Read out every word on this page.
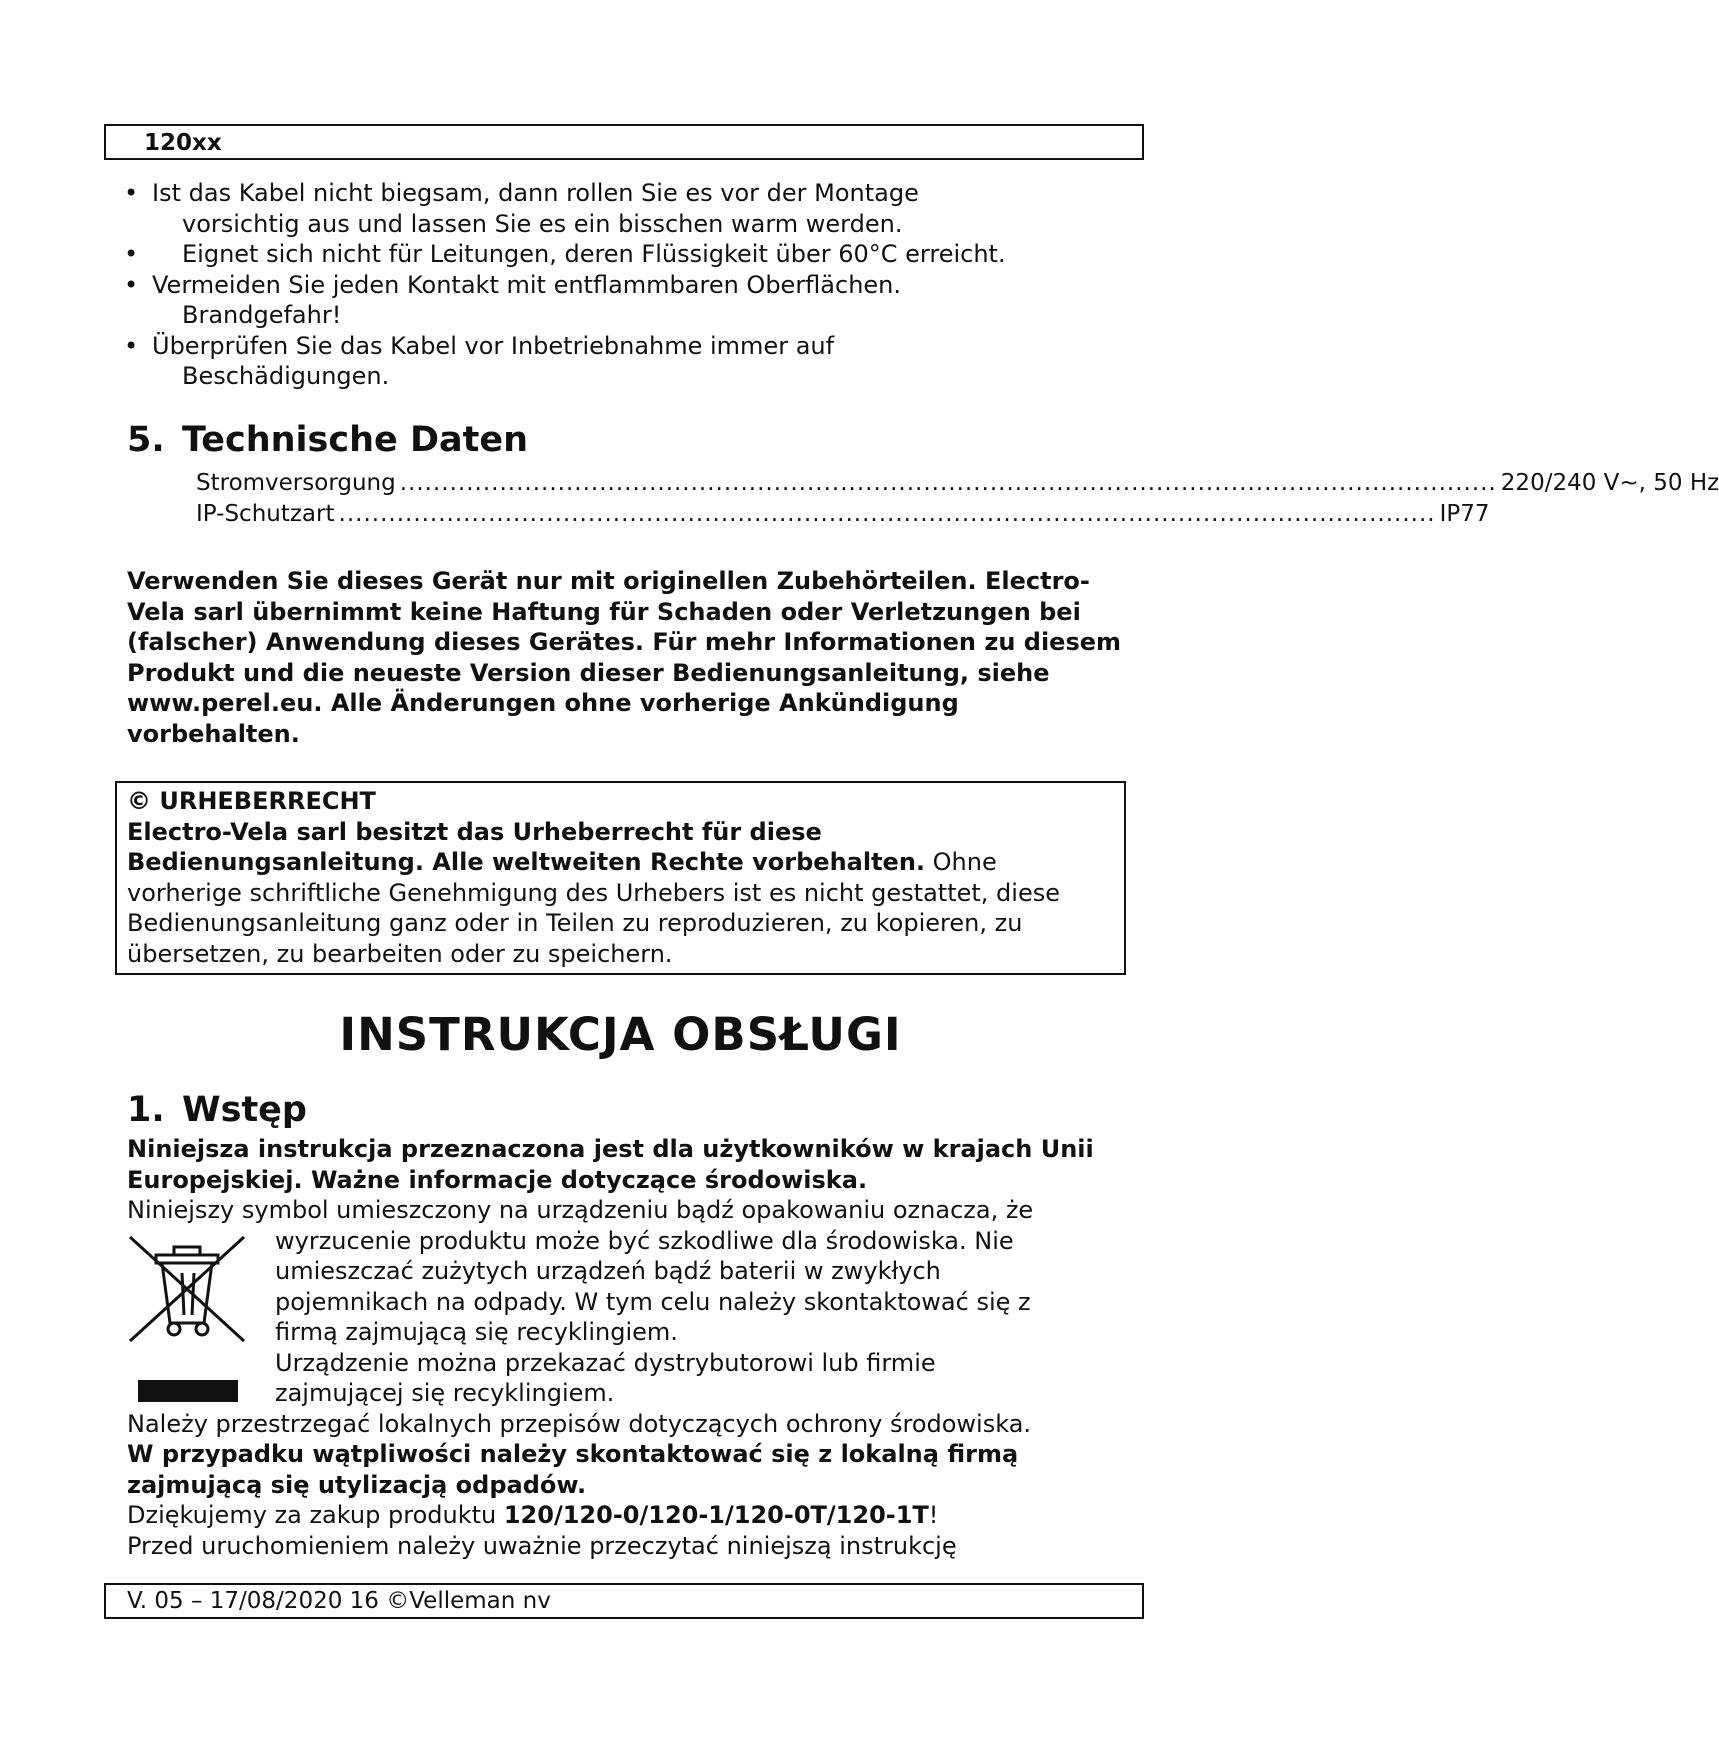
120xx
• Ist das Kabel nicht biegsam, dann rollen Sie es vor der Montage
vorsichtig aus und lassen Sie es ein bisschen warm werden.
•	Eignet sich nicht für Leitungen, deren Flüssigkeit über 60°C erreicht.
• Vermeiden Sie jeden Kontakt mit entflammbaren Oberflächen.
Brandgefahr!
• Überprüfen Sie das Kabel vor Inbetriebnahme immer auf
Beschädigungen.
5. Technische Daten
Stromversorgung .................................................................................................................................... 220/240 V~, 50 Hz
IP-Schutzart .................................................................................................................................... IP77
Verwenden Sie dieses Gerät nur mit originellen Zubehörteilen. Electro-Vela sarl übernimmt keine Haftung für Schaden oder Verletzungen bei (falscher) Anwendung dieses Gerätes. Für mehr Informationen zu diesem Produkt und die neueste Version dieser Bedienungsanleitung, siehe www.perel.eu. Alle Änderungen ohne vorherige Ankündigung vorbehalten.
© URHEBERRECHT
Electro-Vela sarl besitzt das Urheberrecht für diese Bedienungsanleitung. Alle weltweiten Rechte vorbehalten. Ohne vorherige schriftliche Genehmigung des Urhebers ist es nicht gestattet, diese Bedienungsanleitung ganz oder in Teilen zu reproduzieren, zu kopieren, zu übersetzen, zu bearbeiten oder zu speichern.
INSTRUKCJA OBSŁUGI
1. Wstęp
Niniejsza instrukcja przeznaczona jest dla użytkowników w krajach Unii Europejskiej. Ważne informacje dotyczące środowiska.
Niniejszy symbol umieszczony na urządzeniu bądź opakowaniu oznacza, że
wyrzucenie produktu może być szkodliwe dla środowiska. Nie
umieszczać zużytych urządzeń bądź baterii w zwykłych
pojemnikach na odpady. W tym celu należy skontaktować się z
firmą zajmującą się recyklingiem.
Urządzenie można przekazać dystrybutorowi lub firmie
zajmującej się recyklingiem.
Należy przestrzegać lokalnych przepisów dotyczących ochrony środowiska.
W przypadku wątpliwości należy skontaktować się z lokalną firmą zajmującą się utylizacją odpadów.
Dziękujemy za zakup produktu 120/120-0/120-1/120-0T/120-1T!
Przed uruchomieniem należy uważnie przeczytać niniejszą instrukcję
V. 05 – 17/08/2020 16 ©Velleman nv
